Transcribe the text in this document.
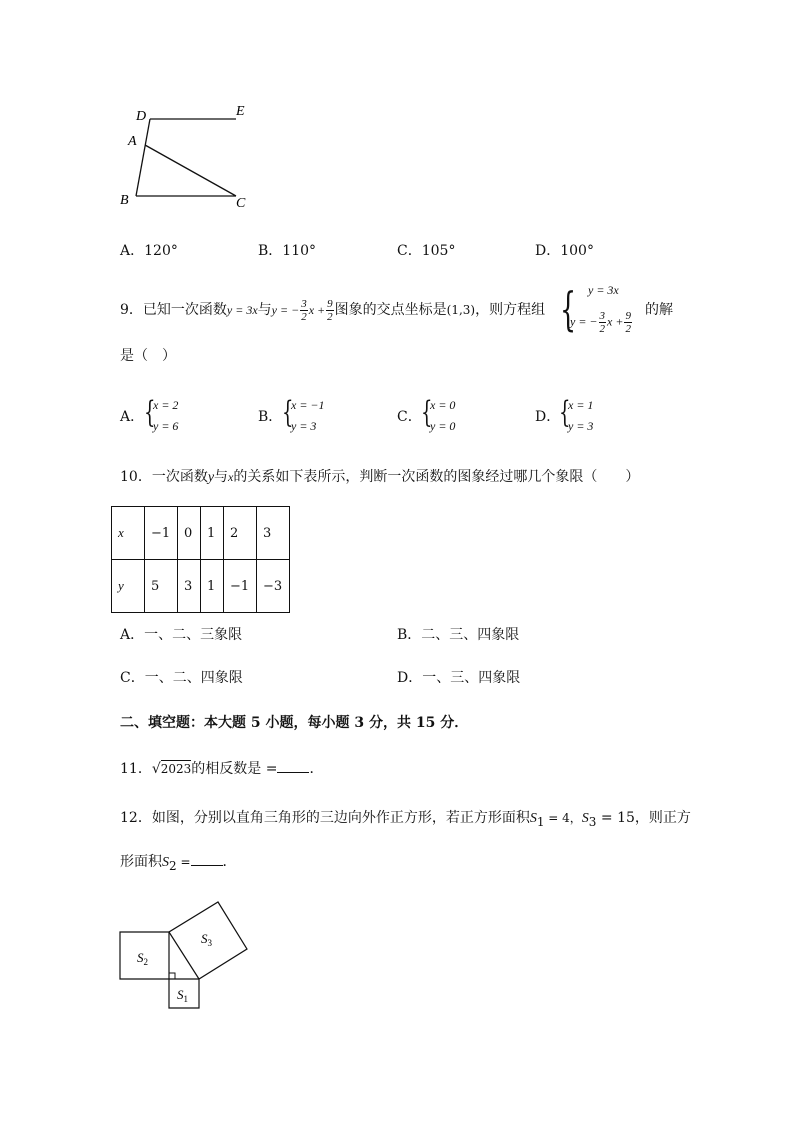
D	E
A
B	C
A．120°	B．110°	C．105°	D．100°
9．已知一次函数y = 3x与y = − $\frac{3}{2}$ $x + \frac{9}{2}$ 图象的交点坐标是(1,3)，则方程组 { y = 3x
y = − $\frac{3}{2}$ $x + \frac{9}{2}$ 的解
是（　）
A． {
x = 2
y = 6
B． {
x = −1
y = 3
C． {
x = 0
y = 0
D．
{
x = 1
y = 3
10．一次函数y与x的关系如下表所示，判断一次函数的图象经过哪几个象限（　　）
x	−1	0	1	2	3
y	5	3	1	−1	−3
A．一、二、三象限	B．二、三、四象限
C．一、二、四象限	D．一、三、四象限
二、填空题：本大题 5 小题，每小题 3 分，共 15 分．
11．√2023的相反数是 = ．
12．如图，分别以直角三角形的三边向外作正方形，若正方形面积$S_1 = 4$，$S_3 = 15$，则正方
形面积$S_2$ = ．
$S_2$
$S_1$
$S_3$
